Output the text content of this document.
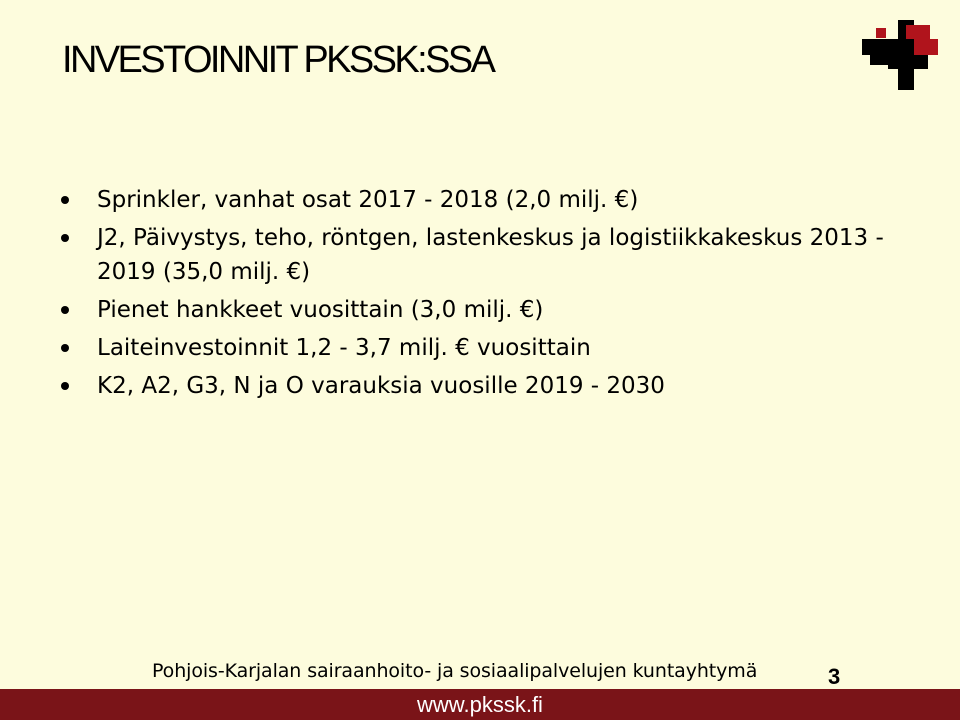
INVESTOINNIT PKSSK:SSA
Sprinkler, vanhat osat 2017 - 2018 (2,0 milj. €)
J2, Päivystys, teho, röntgen, lastenkeskus ja logistiikkakeskus 2013 - 2019 (35,0 milj. €)
Pienet hankkeet vuosittain (3,0 milj. €)
Laiteinvestoinnit 1,2 - 3,7 milj. € vuosittain
K2, A2, G3, N ja O varauksia vuosille 2019 - 2030
Pohjois-Karjalan sairaanhoito- ja sosiaalipalvelujen kuntayhtymä	3
www.pkssk.fi
